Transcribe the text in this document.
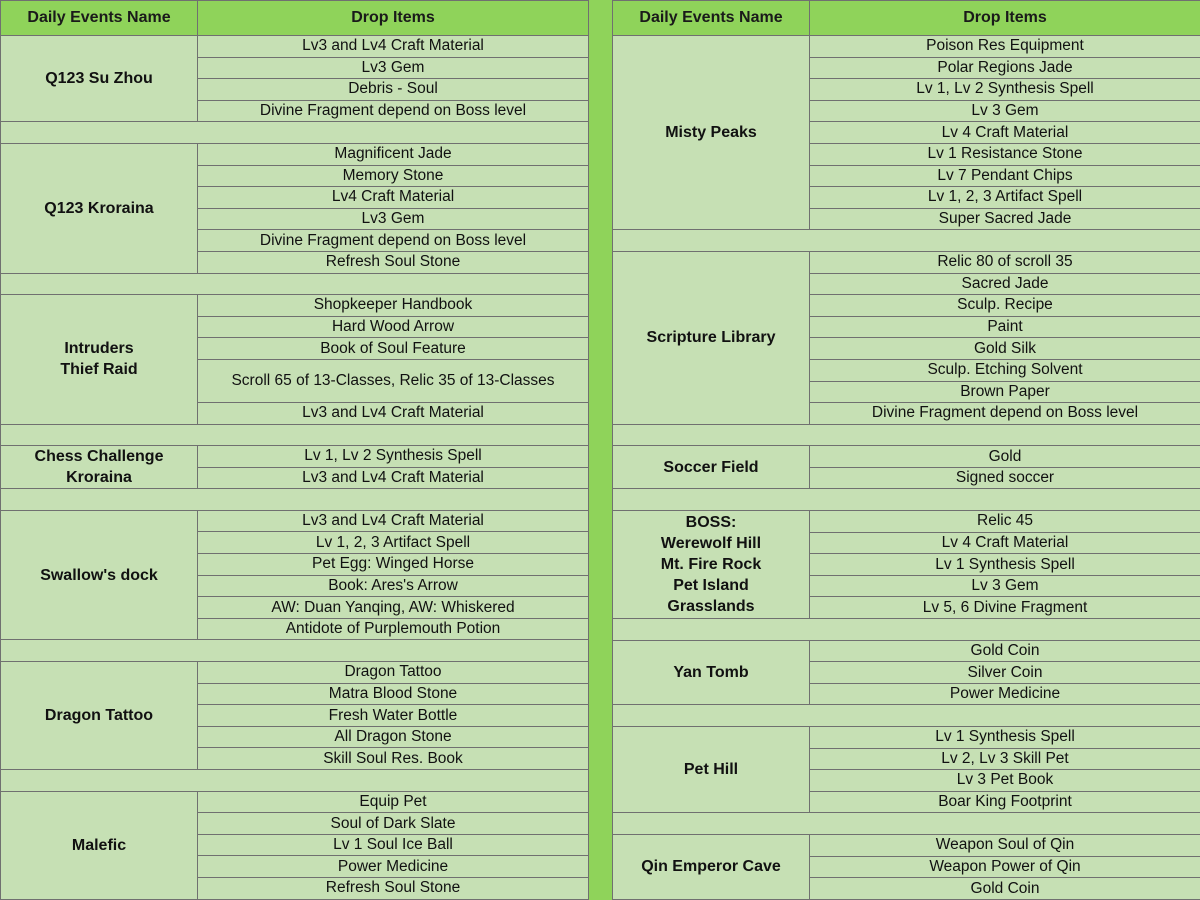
Daily Events Name	Drop Items
Q123 Su Zhou	Lv3 and Lv4 Craft Material
	Lv3 Gem
	Debris - Soul
	Divine Fragment depend on Boss level

Q123 Kroraina	Magnificent Jade
	Memory Stone
	Lv4 Craft Material
	Lv3 Gem
	Divine Fragment depend on Boss level
	Refresh Soul Stone

Intruders
Thief Raid	Shopkeeper Handbook
	Hard Wood Arrow
	Book of Soul Feature
	Scroll 65 of 13-Classes, Relic 35 of 13-Classes
	Lv3 and Lv4 Craft Material

Chess Challenge
Kroraina	Lv 1, Lv 2 Synthesis Spell
	Lv3 and Lv4 Craft Material

Swallow's dock	Lv3 and Lv4 Craft Material
	Lv 1, 2, 3 Artifact Spell
	Pet Egg: Winged Horse
	Book: Ares's Arrow
	AW: Duan Yanqing, AW: Whiskered
	Antidote of Purplemouth Potion

Dragon Tattoo	Dragon Tattoo
	Matra Blood Stone
	Fresh Water Bottle
	All Dragon Stone
	Skill Soul Res. Book

Malefic	Equip Pet
	Soul of Dark Slate
	Lv 1 Soul Ice Ball
	Power Medicine
	Refresh Soul Stone
Daily Events Name	Drop Items
Misty Peaks	Poison Res Equipment
	Polar Regions Jade
	Lv 1, Lv 2 Synthesis Spell
	Lv 3 Gem
	Lv 4 Craft Material
	Lv 1 Resistance Stone
	Lv 7 Pendant Chips
	Lv 1, 2, 3 Artifact Spell
	Super Sacred Jade

Scripture Library	Relic 80 of scroll 35
	Sacred Jade
	Sculp. Recipe
	Paint
	Gold Silk
	Sculp. Etching Solvent
	Brown Paper
	Divine Fragment depend on Boss level

Soccer Field	Gold
	Signed soccer

BOSS:
Werewolf Hill
Mt. Fire Rock
Pet Island
Grasslands	Relic 45
	Lv 4 Craft Material
	Lv 1 Synthesis Spell
	Lv 3 Gem
	Lv 5, 6 Divine Fragment

Yan Tomb	Gold Coin
	Silver Coin
	Power Medicine

Pet Hill	Lv 1 Synthesis Spell
	Lv 2, Lv 3 Skill Pet
	Lv 3 Pet Book
	Boar King Footprint

Qin Emperor Cave	Weapon Soul of Qin
	Weapon Power of Qin
	Gold Coin
